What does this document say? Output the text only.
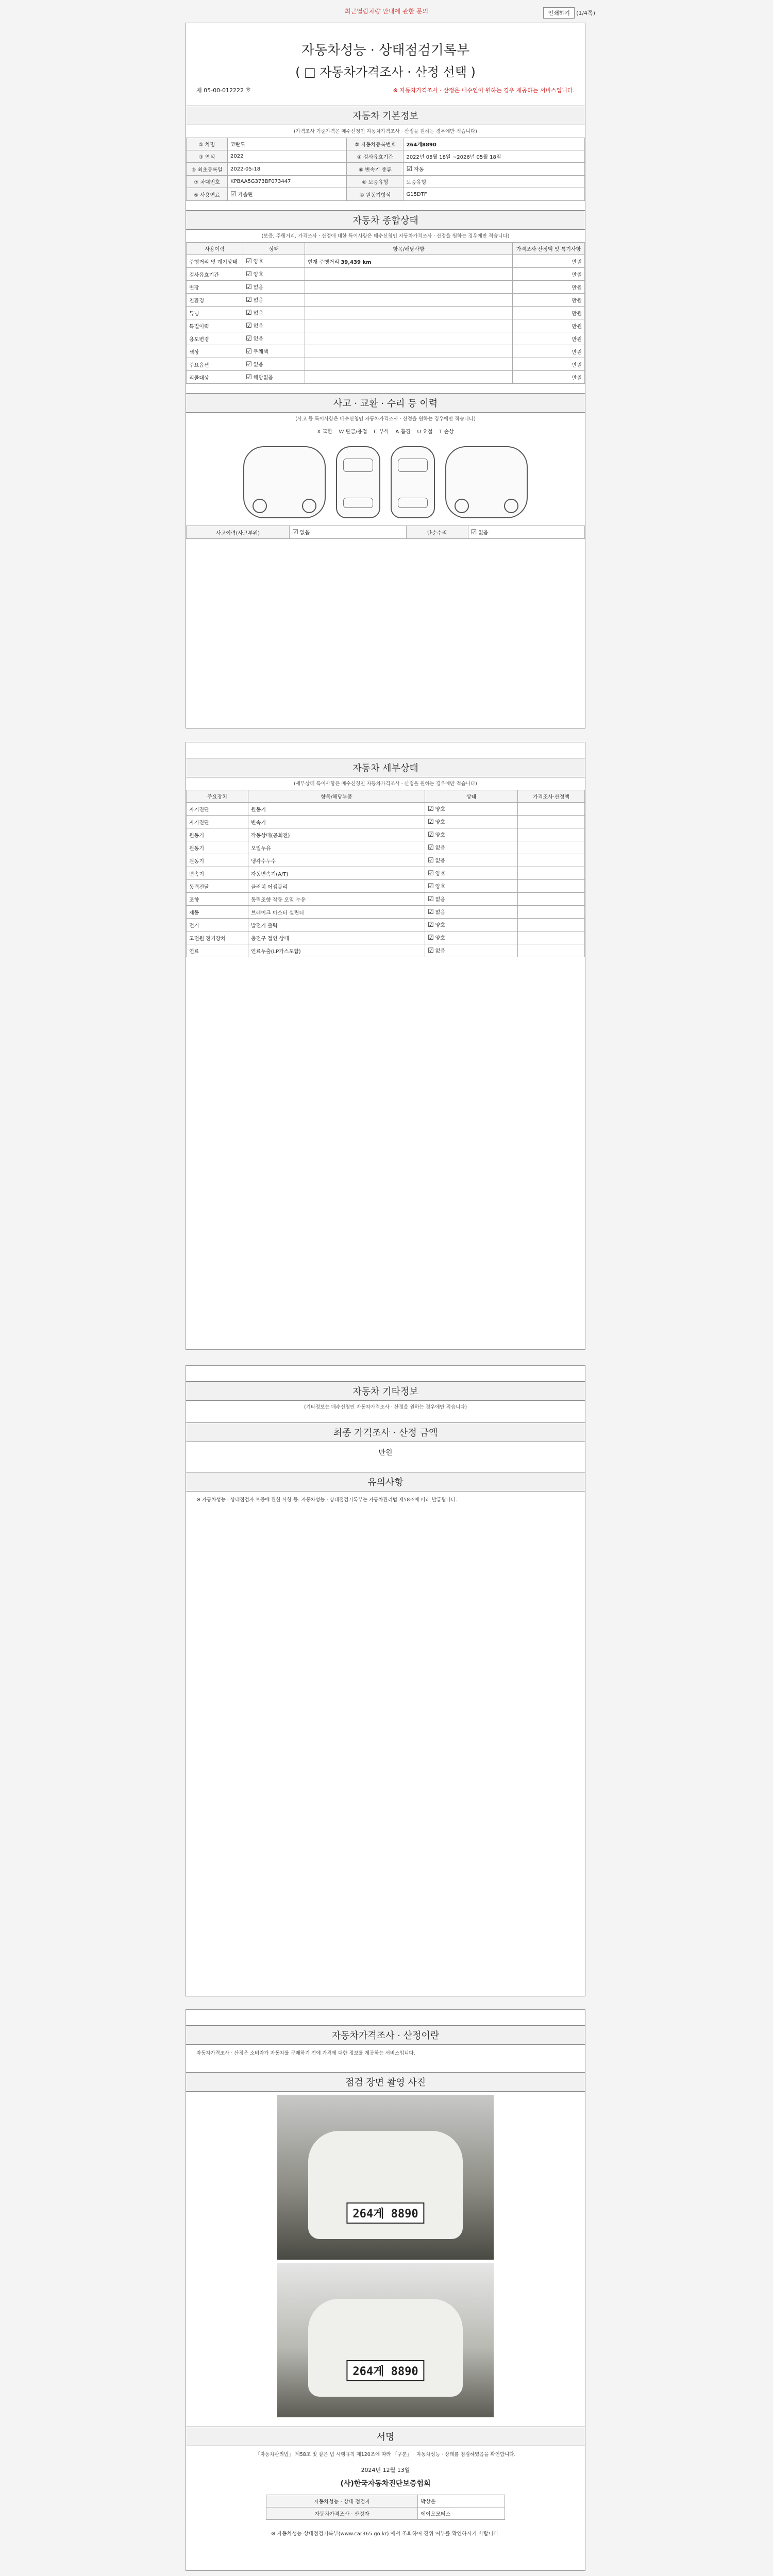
최근열람차량 안내에 관한 문의	인쇄하기	(1/4쪽)
자동차성능 · 상태점검기록부
( □ 자동차가격조사 · 산정 선택 )
제 05-00-012222 호	※ 자동차가격조사 · 산정은 매수인이 원하는 경우 제공하는 서비스입니다.
자동차 기본정보
(가격조사 기준가격은 매수신청인 자동차가격조사 · 산정을 원하는 경우에만 적습니다)
① 차명	코란도	② 자동차등록번호	264게8890
③ 연식	2022	④ 검사유효기간	2022년 05월 18일 ~2026년 05월 18일
⑤ 최초등록일	2022-05-18	⑥ 변속기 종류	☑자동
⑦ 차대번호	KPBAA5G373BF073447	⑧ 보증유형	보증유형
⑨ 사용연료	☑가솔린	⑩ 원동기형식	G15DTF
자동차 종합상태
(보증, 주행거리, 가격조사 · 산정에 대한 특이사항은 매수신청인 자동차가격조사 · 산정을 원하는 경우에만 적습니다)
사용이력	상태	항목/해당사항	가격조사·산정액 및 특기사항
주행거리 및 계기상태	☑양호	현재 주행거리 39,439 km	만원
검사유효기간	☑양호		만원
변장	☑없음		만원
친환경	☑없음		만원
튜닝	☑없음		만원
특별이력	☑없음		만원
용도변경	☑없음		만원
색상	☑무채색		만원
주요옵션	☑없음		만원
리콜대상	☑해당없음		만원
사고 · 교환 · 수리 등 이력
(사고 등 특이사항은 매수신청인 자동차가격조사 · 산정을 원하는 경우에만 적습니다)
X 교환    W 판금/용접    C 부식    A 흠짐    U 요철    T 손상
사고이력(사고부위)	☑없음	단순수리	☑없음
자동차 세부상태
(세부상태 특이사항은 매수신청인 자동차가격조사 · 산정을 원하는 경우에만 적습니다)
주요장치	항목/해당부품	상태	가격조사·산정액
자기진단	원동기	☑양호	
자기진단	변속기	☑양호	
원동기	작동상태(공회전)	☑양호	
원동기	오일누유	☑없음	
원동기	냉각수누수	☑없음	
변속기	자동변속기(A/T)	☑양호	
동력전달	클러치 어셈블리	☑양호	
조향	동력조향 작동 오일 누유	☑없음	
제동	브레이크 마스터 실린더	☑없음	
전기	발전기 출력	☑양호	
고전원 전기장치	충전구 절연 상태	☑양호	
연료	연료누출(LP가스포함)	☑없음	
자동차 기타정보
(기타정보는 매수신청인 자동차가격조사 · 산정을 원하는 경우에만 적습니다)
최종 가격조사 · 산정 금액
만원
유의사항
※ 자동차성능 · 상태점검자 보증에 관한 사항 등: 자동차성능 · 상태점검기록부는 자동차관리법 제58조에 따라 발급됩니다.
자동차가격조사 · 산정이란
자동차가격조사 · 산정은 소비자가 자동차를 구매하기 전에 가격에 대한 정보를 제공하는 서비스입니다.
점검 장면 촬영 사진
264게 8890
264게 8890
서명
「자동차관리법」 제58조 및 같은 법 시행규칙 제120조에 따라 「구분」 · 자동차성능 · 상태를 점검하였음을 확인합니다.
2024년 12월 13일
(사)한국자동차진단보증협회
자동차성능 · 상태 점검자	박상운
자동차가격조사 · 산정자	에이오모터스
※ 자동차성능 상태점검기록부(www.car365.go.kr) 에서 조회하여 진위 여부를 확인하시기 바랍니다.
